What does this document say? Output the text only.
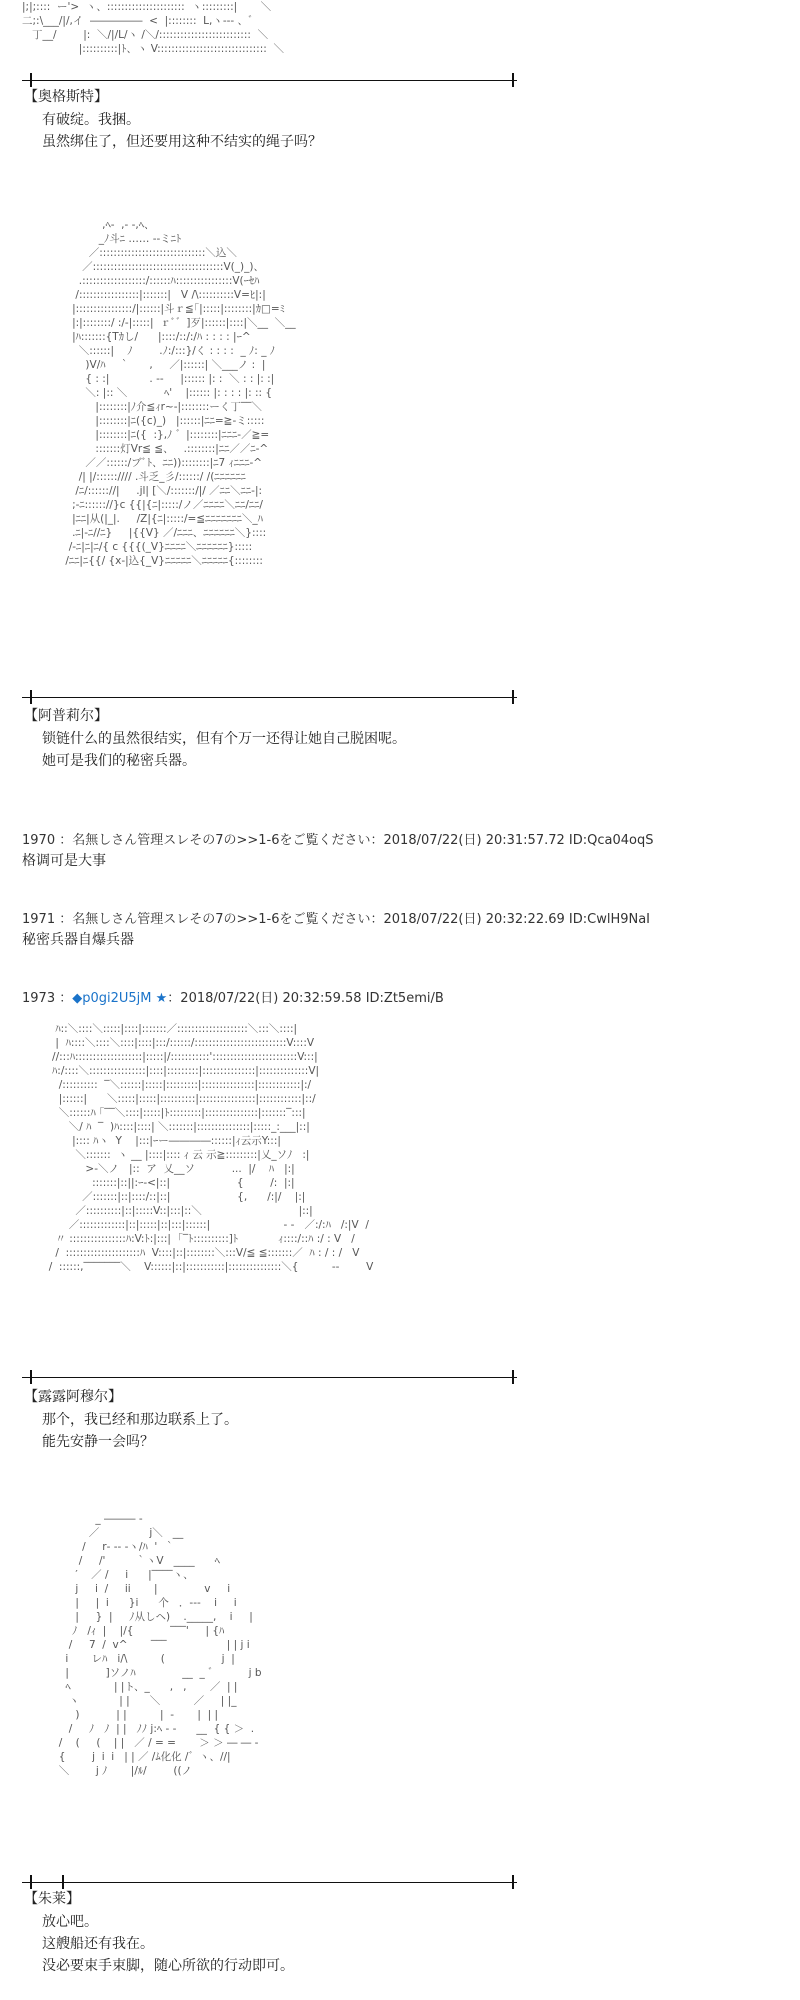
|;|;::::  ー'>  ヽ、::::::::::::::::::::::  ヽ:::::::::|       ＼
二;:\___/|/,イ  ―――――  <  |::::::::  L,ヽ--- 、゛
丁__/        |:  ＼/|/L/ヽ /＼/::::::::::::::::::::::::::  ＼
|::::::::::|ﾄ、ヽ V:::::::::::::::::::::::::::::::  ＼
【奥格斯特】
有破绽。我捆。
虽然绑住了，但还要用这种不结实的绳子吗？
,ﾍ-  ,- -,ﾍ、
_ﾉ斗ﾆ ‥‥‥ --ミﾆﾄ
／::::::::::::::::::::::::::::::＼込＼
／:::::::::::::::::::::::::::::::::::::V(_)_)、
.::::::::::::::::::/::::::ﾊ::::::::::::::::V(ｰｾﾊ
/:::::::::::::::::|:::::::|   V /\::::::::::V=ﾋ|:|
|::::::::::::::::/|::::::|斗ｒ≦｢|:::::|::::::::|ｶ□=ﾐ
|:|::::::::/ :/-|:::::|  ｒﾞ゛]歹|::::::|::::|＼__  ＼__
|ﾊ:::::::{Tｶし/      |::::/::/:/ﾊ : : : : |ｰ^
＼::::::|    ﾉ        .ﾉ:/:::}/く : : : :  _ ﾉ: _ ﾉ
)V/ﾊ    ｀      ,     ／|::::::| ＼___ノ :  |
{ : :|            . -‐     |:::::: |: :  ＼ : : |: :|
＼: |:: ＼           ﾍ'    |:::::: |: : : : |: :: {
|::::::::|ﾉ介≦ｨr~-|::::::::ーく丁‾‾＼
|::::::::|ﾆ({c)_)   |::::::|ﾆﾆ=≧-ミ:::::
|::::::::|ﾆ({  :},ﾉ ゛|::::::::|ﾆﾆﾆ-／≧=
:::::::灯Vr≦ ≦、   .::::::::|ﾆﾆ／／ﾆ-^
／／::::::/ブﾞﾄ、ﾆﾆ))::::::::|ﾆ7 ｨﾆﾆﾆ-^
/| |/:::::://// .斗乏_彡/::::::/ /(ﾆﾆﾆﾆﾆﾆ
/ﾆ/:::::://|     .jl| [＼/:::::::/|/ ／ﾆﾆ＼ﾆﾆ-|:
;-ﾆ:::::://}c {{|{ﾆ|:::::/ノ／ﾆﾆﾆﾆ＼ﾆﾆ/ﾆﾆ/
|ﾆﾆ|从(|_|.     /Z|{ﾆ|:::::/=≦ﾆﾆﾆﾆﾆﾆﾆ＼_ﾊ
.ﾆ|-ﾆ//ﾆ}     |{{V} ／/ﾆﾆﾆ、ﾆﾆﾆﾆﾆﾆ＼}::::
/-ﾆ|ﾆ|ﾆ/{ c {{{(_V}ﾆﾆﾆﾆ＼ﾆﾆﾆﾆﾆﾆ}:::::
/ﾆﾆ|ﾆ{{/ {x-|込{_V}ﾆﾆﾆﾆﾆ＼ﾆﾆﾆﾆﾆ{::::::::
【阿普莉尔】
锁链什么的虽然很结实，但有个万一还得让她自己脱困呢。
她可是我们的秘密兵器。
1970 ：名無しさん管理スレその7の>>1-6をご覧ください：2018/07/22(日) 20:31:57.72 ID:Qca04oqS
格调可是大事
1971 ：名無しさん管理スレその7の>>1-6をご覧ください：2018/07/22(日) 20:32:22.69 ID:CwlH9NaI
秘密兵器自爆兵器
1973 ：◆p0gi2U5jM ★：2018/07/22(日) 20:32:59.58 ID:Zt5emi/B
ﾊ::＼::::＼:::::|::::|:::::::／::::::::::::::::::::＼:::＼::::|
|  ﾊ::::＼::::＼::::|::::|:::/::::::/::::::::::::::::::::::::::V::::V
//:::ﾊ:::::::::::::::::::|:::::|/:::::::::::'::::::::::::::::::::::::V:::|
ﾊ:/::::＼::::::::::::::::|::::|:::::::::|:::::::::::::::|::::::::::::::V|
/::::::::::  ‾＼::::::|:::::|:::::::::|:::::::::::::::|::::::::::::|:/
|::::::|      ＼:::::|:::::|::::::::::|::::::::::::::::|::::::::::::|::/
＼::::::ﾊ ｢‾‾＼::::|:::::|ﾄ:::::::::|:::::::::::::::|:::::::‾:::|
＼/ ﾊ  ‾  )ﾊ::::|::::| ＼:::::::|:::::::::::::::|:::::_:___|::|
|:::: ﾊヽ  Y    |:::|ｰー――――::::::|ｨ云示Y:::|
＼:::::::  ヽ __ |::::|:::: ｨ 云 示≧:::::::::|乂_ソﾉ   :|
>-＼ノ   |::  ア  乂__ソ           ...  |/    ﾊ   |:|
:::::::|::||:ｰ-<|::|                    {        /:  |:|
／:::::::|::|::::/::|::|                    {,      /:|/    |:|
／::::::::::|::|:::::V::|:::|::＼                             |::|
／:::::::::::::|::|:::::|::|:::|::::::|                      ‐ ‐   ／:/:ﾊ   /:|V  /
〃 ::::::::::::::::ﾊ:V:ﾄ:|:::|  ｢‾ﾄ::::::::::]ﾄ            ｨ::::/::ﾊ :/ : V   /
/  :::::::::::::::::::::ﾊ  V::::|::|::::::::＼:::V/≦ ≦:::::::／  ﾊ : / : /   V
/  ::::::,‾‾‾‾‾‾‾＼    V::::::|::|:::::::::::|:::::::::::::::＼{          ‐‐        V
【露露阿穆尔】
那个，我已经和那边联系上了。
能先安静一会吗？
_ ――― -
／               j＼   __
/     r‐ ‐‐ ‐ヽ/ﾊ  '  ｀
/     /'         ｀ヽV   ____      ﾍ
′    ／ /     i      |‾‾‾‾ヽ、
j     i  /     ii       |              v     i
|     |  i      }i      个   ．‐‐‐    i     i
|     }  |     ﾉ从しヘ)    ._____,    i     |
ﾉ   /ｨ  |    |/{           ‾‾‾'     | {ﾊ
/     7  /  v^       ‾‾‾                  | | j i
i       レﾊ   i/\          (                 j  |
|           ]ソノﾊ              __  _ ゛         j b
ﾍ             | |ト、_      ,   ,       ／  | |
ヽ            | |      ＼          ／     | |_
)           | |          |  -       |  | |
/     ﾉ   ﾉ  | |   ﾉﾉ j:ﾍ - -      __  { { ＞  .
/    (     (    | |   ／ / = =       ＞ ＞ ― ― -
{        j  i  i   | | ／ /ﾑ化化 /゛ヽ、//|
＼        j ﾉ       |/ﾙ/        ((ノ
【朱莱】
放心吧。
这艘船还有我在。
没必要束手束脚，随心所欲的行动即可。
